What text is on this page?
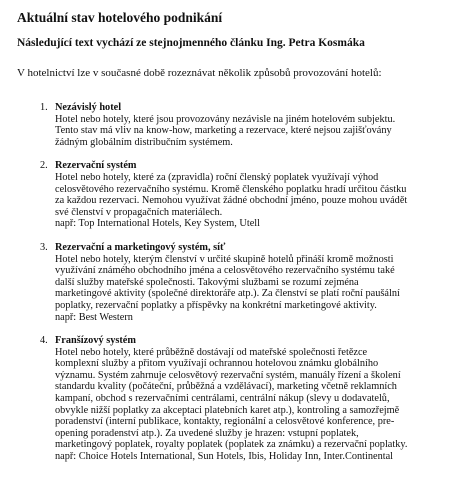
Aktuální stav hotelového podnikání
Následující text vychází ze stejnojmenného článku Ing. Petra Kosmáka

V hotelnictví lze v současné době rozeznávat několik způsobů provozování hotelů:

1. Nezávislý hotel
Hotel nebo hotely, které jsou provozovány nezávisle na jiném hotelovém subjektu.
Tento stav má vliv na know-how, marketing a rezervace, které nejsou zajišťovány
žádným globálním distribučním systémem.
2. Rezervační systém
Hotel nebo hotely, které za (zpravidla) roční členský poplatek využívají výhod
celosvětového rezervačního systému. Kromě členského poplatku hradí určitou částku
za každou rezervaci. Nemohou využívat žádné obchodní jméno, pouze mohou uvádět
své členství v propagačních materiálech.
např: Top International Hotels, Key System, Utell
3. Rezervační a marketingový systém, síť
Hotel nebo hotely, kterým členství v určité skupině hotelů přináší kromě možnosti
využívání známého obchodního jména a celosvětového rezervačního systému také
další služby mateřské společnosti. Takovými službami se rozumí zejména
marketingové aktivity (společné direktoráře atp.). Za členství se platí roční paušální
poplatky, rezervační poplatky a příspěvky na konkrétní marketingové aktivity.
např: Best Western
4. Franšízový systém
Hotel nebo hotely, které průběžně dostávají od mateřské společnosti řetězce
komplexní služby a přitom využívají ochrannou hotelovou známku globálního
významu. Systém zahrnuje celosvětový rezervační systém, manuály řízení a školení
standardu kvality (počáteční, průběžná a vzdělávací), marketing včetně reklamních
kampaní, obchod s rezervačními centrálami, centrální nákup (slevy u dodavatelů,
obvykle nižší poplatky za akceptaci platebních karet atp.), kontroling a samozřejmě
poradenství (interní publikace, kontakty, regionální a celosvětové konference, pre-
opening poradenství atp.). Za uvedené služby je hrazen: vstupní poplatek,
marketingový poplatek, royalty poplatek (poplatek za známku) a rezervační poplatky.
např: Choice Hotels International, Sun Hotels, Ibis, Holiday Inn, Inter.Continental
